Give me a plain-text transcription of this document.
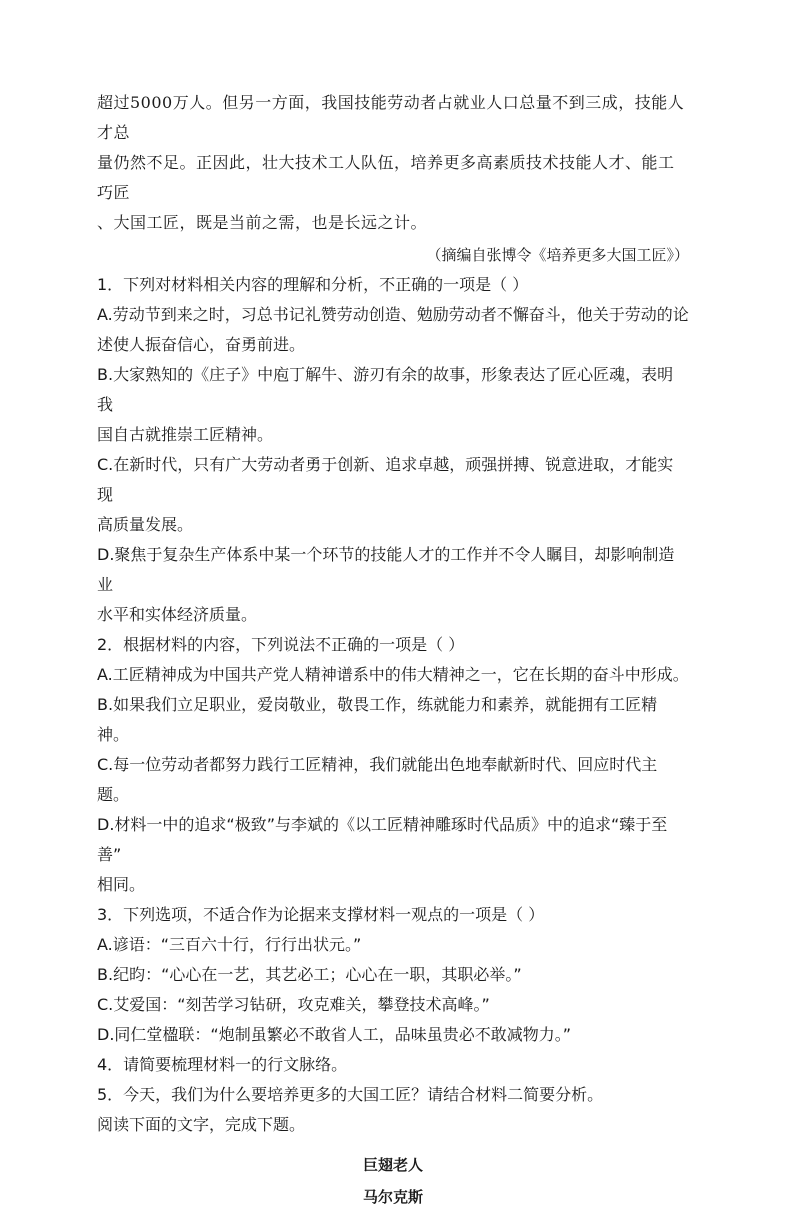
超过5000万人。但另一方面，我国技能劳动者占就业人口总量不到三成，技能人才总

量仍然不足。正因此，壮大技术工人队伍，培养更多高素质技术技能人才、能工巧匠

、大国工匠，既是当前之需，也是长远之计。

（摘编自张博令《培养更多大国工匠》）

1．下列对材料相关内容的理解和分析，不正确的一项是（ ）

A.劳动节到来之时，习总书记礼赞劳动创造、勉励劳动者不懈奋斗，他关于劳动的论

述使人振奋信心，奋勇前进。

B.大家熟知的《庄子》中庖丁解牛、游刃有余的故事，形象表达了匠心匠魂，表明我

国自古就推崇工匠精神。

C.在新时代，只有广大劳动者勇于创新、追求卓越，顽强拼搏、锐意进取，才能实现

高质量发展。

D.聚焦于复杂生产体系中某一个环节的技能人才的工作并不令人瞩目，却影响制造业

水平和实体经济质量。

2．根据材料的内容，下列说法不正确的一项是（ ）

A.工匠精神成为中国共产党人精神谱系中的伟大精神之一，它在长期的奋斗中形成。

B.如果我们立足职业，爱岗敬业，敬畏工作，练就能力和素养，就能拥有工匠精神。

C.每一位劳动者都努力践行工匠精神，我们就能出色地奉献新时代、回应时代主题。

D.材料一中的追求“极致”与李斌的《以工匠精神雕琢时代品质》中的追求“臻于至善”

相同。

3．下列选项，不适合作为论据来支撑材料一观点的一项是（ ）

A.谚语：“三百六十行，行行出状元。”

B.纪昀：“心心在一艺，其艺必工；心心在一职，其职必举。”

C.艾爱国：“刻苦学习钻研，攻克难关，攀登技术高峰。”

D.同仁堂楹联：“炮制虽繁必不敢省人工，品味虽贵必不敢减物力。”

4．请简要梳理材料一的行文脉络。

5．今天，我们为什么要培养更多的大国工匠？请结合材料二简要分析。

阅读下面的文字，完成下题。

巨翅老人

马尔克斯
